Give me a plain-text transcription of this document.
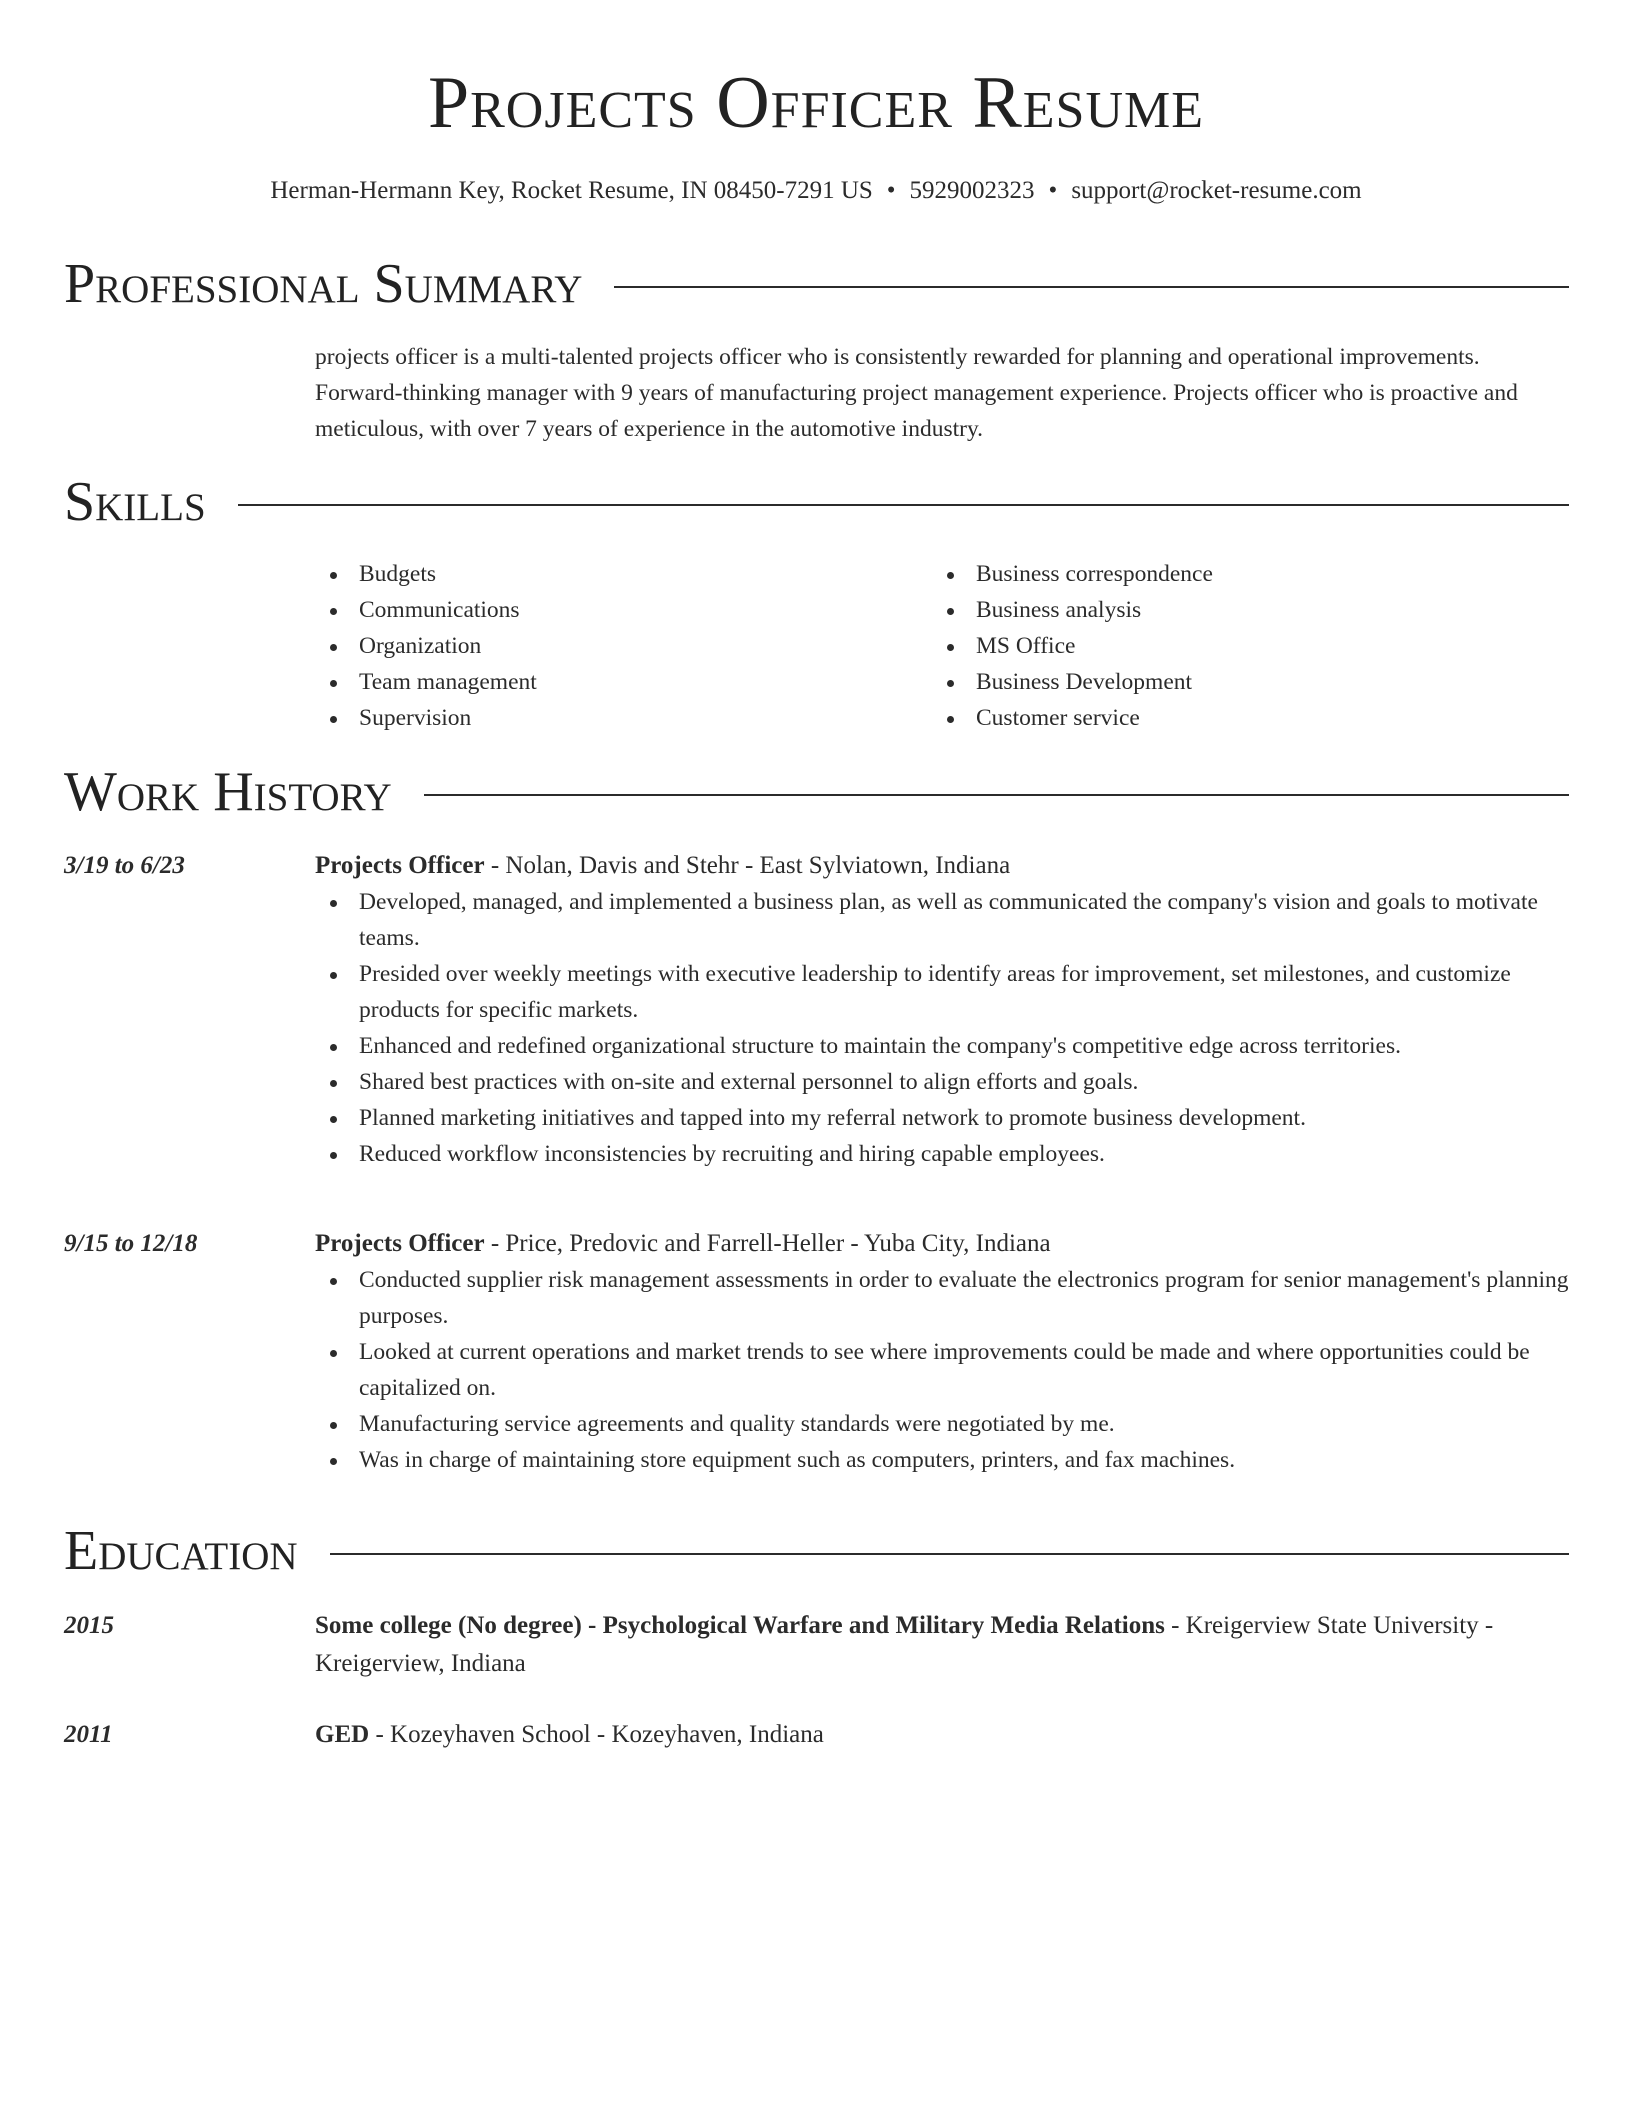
Projects Officer Resume
Herman-Hermann Key, Rocket Resume, IN 08450-7291 US • 5929002323 • support@rocket-resume.com
Professional Summary
projects officer is a multi-talented projects officer who is consistently rewarded for planning and operational improvements. Forward-thinking manager with 9 years of manufacturing project management experience. Projects officer who is proactive and meticulous, with over 7 years of experience in the automotive industry.
Skills
Budgets
Communications
Organization
Team management
Supervision
Business correspondence
Business analysis
MS Office
Business Development
Customer service
Work History
3/19 to 6/23	Projects Officer - Nolan, Davis and Stehr - East Sylviatown, Indiana
Developed, managed, and implemented a business plan, as well as communicated the company's vision and goals to motivate teams.
Presided over weekly meetings with executive leadership to identify areas for improvement, set milestones, and customize products for specific markets.
Enhanced and redefined organizational structure to maintain the company's competitive edge across territories.
Shared best practices with on-site and external personnel to align efforts and goals.
Planned marketing initiatives and tapped into my referral network to promote business development.
Reduced workflow inconsistencies by recruiting and hiring capable employees.
9/15 to 12/18	Projects Officer - Price, Predovic and Farrell-Heller - Yuba City, Indiana
Conducted supplier risk management assessments in order to evaluate the electronics program for senior management's planning purposes.
Looked at current operations and market trends to see where improvements could be made and where opportunities could be capitalized on.
Manufacturing service agreements and quality standards were negotiated by me.
Was in charge of maintaining store equipment such as computers, printers, and fax machines.
Education
2015	Some college (No degree) - Psychological Warfare and Military Media Relations - Kreigerview State University - Kreigerview, Indiana
2011	GED - Kozeyhaven School - Kozeyhaven, Indiana
